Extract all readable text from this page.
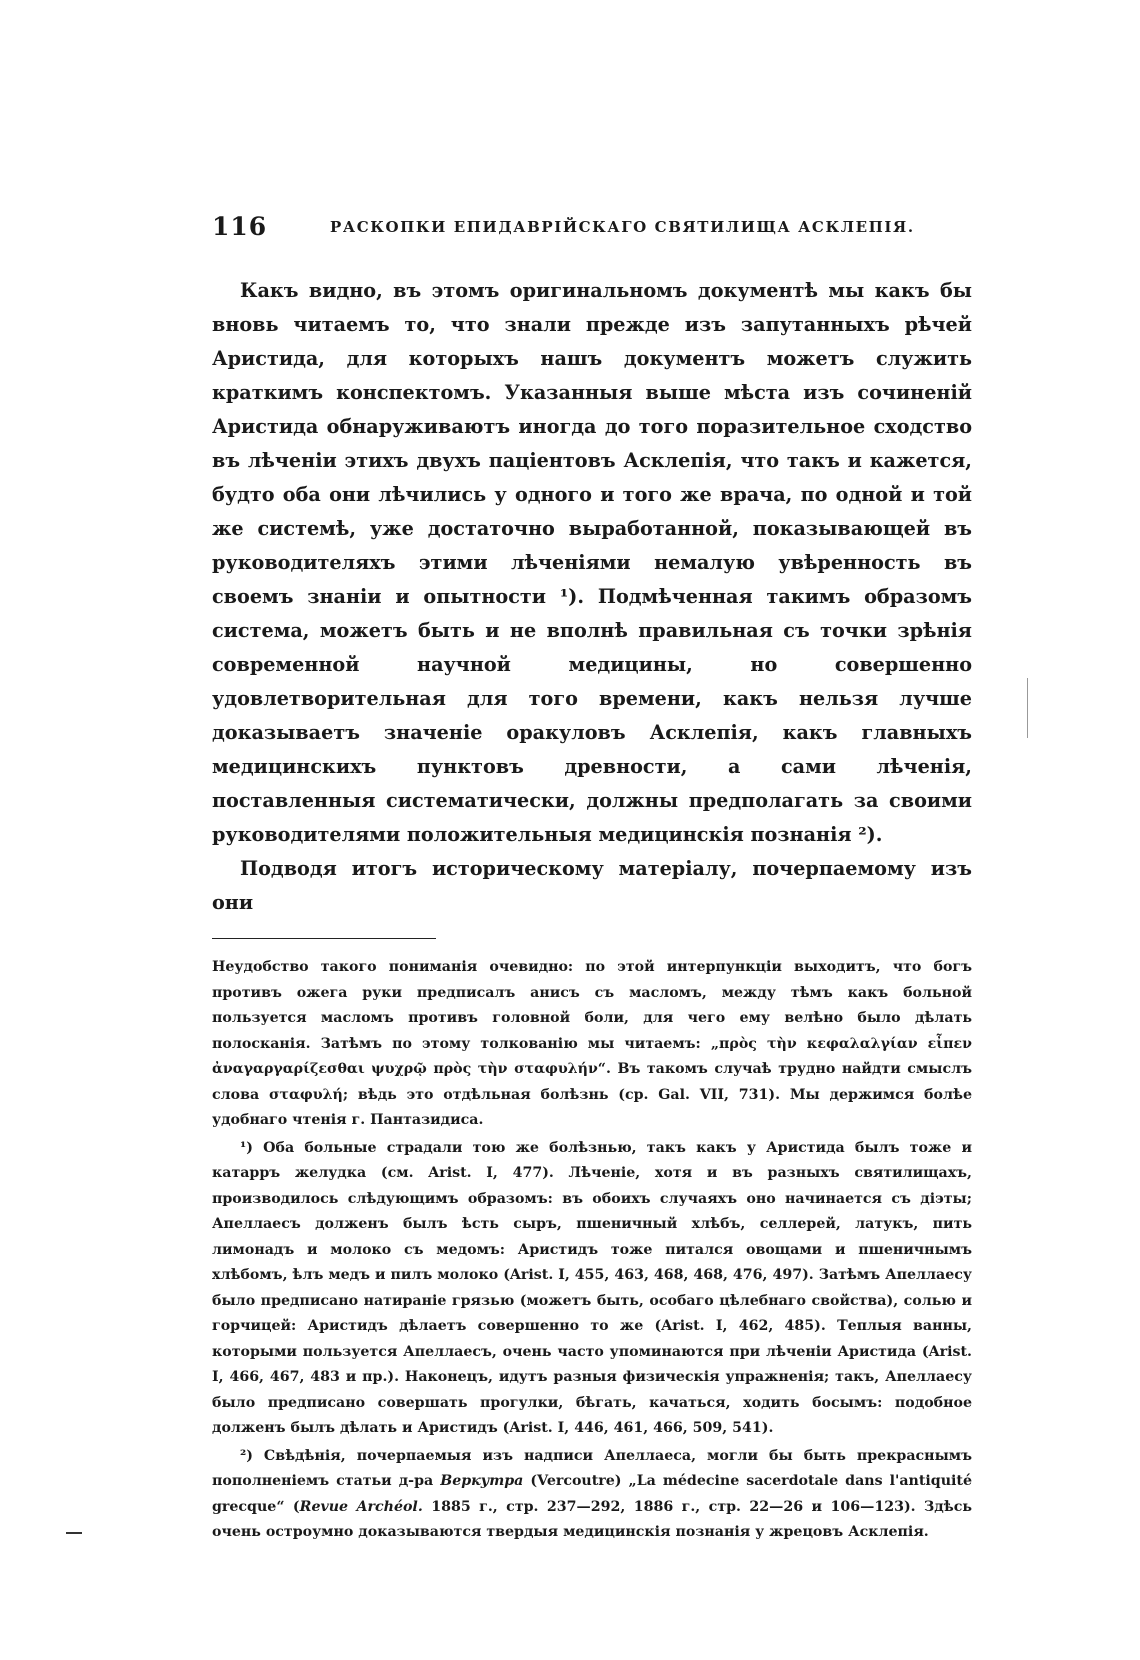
116	РАСКОПКИ ЕПИДАВРІЙСКАГО СВЯТИЛИЩА АСКЛЕПІЯ.

Какъ видно, въ этомъ оригинальномъ документѣ мы какъ бы вновь читаемъ то, что знали прежде изъ запутанныхъ рѣчей Аристида, для которыхъ нашъ документъ можетъ служить краткимъ конспектомъ. Указанныя выше мѣста изъ сочиненій Аристида обнаруживаютъ иногда до того поразительное сходство въ лѣченіи этихъ двухъ паціентовъ Асклепія, что такъ и кажется, будто оба они лѣчились у одного и того же врача, по одной и той же системѣ, уже достаточно выработанной, показывающей въ руководителяхъ этими лѣченіями немалую увѣренность въ своемъ знаніи и опытности ¹). Подмѣченная такимъ образомъ система, можетъ быть и не вполнѣ правильная съ точки зрѣнія современной научной медицины, но совершенно удовлетворительная для того времени, какъ нельзя лучше доказываетъ значеніе оракуловъ Асклепія, какъ главныхъ медицинскихъ пунктовъ древности, а сами лѣченія, поставленныя систематически, должны предполагать за своими руководителями положительныя медицинскія познанія ²).

Подводя итогъ историческому матеріалу, почерпаемому изъ они

Неудобство такого пониманія очевидно: по этой интерпункціи выходитъ, что богъ противъ ожега руки предписалъ анисъ съ масломъ, между тѣмъ какъ больной пользуется масломъ противъ головной боли, для чего ему велѣно было дѣлать полосканія. Затѣмъ по этому толкованію мы читаемъ: „πρὸς τὴν κεφαλαλγίαν εἶπεν ἀναγαργαρίζεσθαι ψυχρῷ πρὸς τὴν σταφυλήν“. Въ такомъ случаѣ трудно найдти смыслъ слова σταφυλή; вѣдь это отдѣльная болѣзнь (ср. Gal. VII, 731). Мы держимся болѣе удобнаго чтенія г. Пантазидиса.

¹) Оба больные страдали тою же болѣзнью, такъ какъ у Аристида былъ тоже и катарръ желудка (см. Arist. I, 477). Лѣченіе, хотя и въ разныхъ святилищахъ, производилось слѣдующимъ образомъ: въ обоихъ случаяхъ оно начинается съ діэты; Апеллаесъ долженъ былъ ѣсть сыръ, пшеничный хлѣбъ, селлерей, латукъ, пить лимонадъ и молоко съ медомъ: Аристидъ тоже питался овощами и пшеничнымъ хлѣбомъ, ѣлъ медъ и пилъ молоко (Arist. I, 455, 463, 468, 468, 476, 497). Затѣмъ Апеллаесу было предписано натираніе грязью (можетъ быть, особаго цѣлебнаго свойства), солью и горчицей: Аристидъ дѣлаетъ совершенно то же (Arist. I, 462, 485). Теплыя ванны, которыми пользуется Апеллаесъ, очень часто упоминаются при лѣченіи Аристида (Arist. I, 466, 467, 483 и пр.). Наконецъ, идутъ разныя физическія упражненія; такъ, Апеллаесу было предписано совершать прогулки, бѣгать, качаться, ходить босымъ: подобное долженъ былъ дѣлать и Аристидъ (Arist. I, 446, 461, 466, 509, 541).

²) Свѣдѣнія, почерпаемыя изъ надписи Апеллаеса, могли бы быть прекраснымъ пополненіемъ статьи д-ра Веркутра (Vercoutre) „La médecine sacerdotale dans l'antiquité grecque“ (Revue Archéol. 1885 г., стр. 237—292, 1886 г., стр. 22—26 и 106—123). Здѣсь очень остроумно доказываются твердыя медицинскія познанія у жрецовъ Асклепія.
